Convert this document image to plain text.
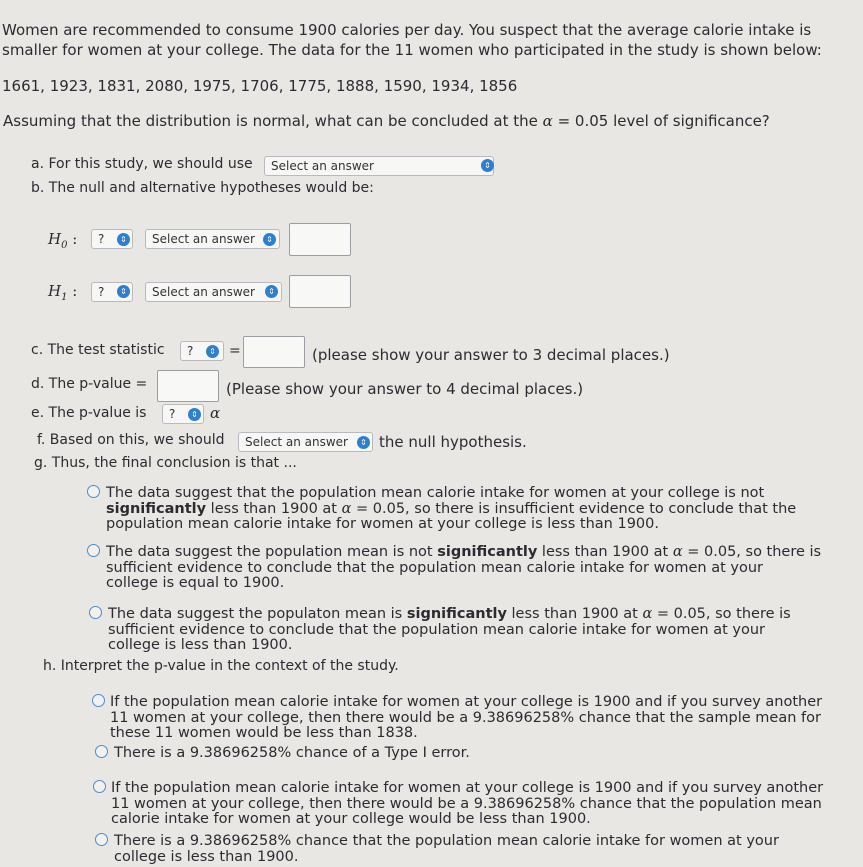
Women are recommended to consume 1900 calories per day. You suspect that the average calorie intake is
smaller for women at your college. The data for the 11 women who participated in the study is shown below:
1661, 1923, 1831, 2080, 1975, 1706, 1775, 1888, 1590, 1934, 1856
Assuming that the distribution is normal, what can be concluded at the α = 0.05 level of significance?
a. For this study, we should use	Select an answer	⇕
b. The null and alternative hypotheses would be:
$H_0$ :	?	⇕	Select an answer	⇕
$H_1$ :	?	⇕	Select an answer	⇕
c. The test statistic	?	⇕ =	(please show your answer to 3 decimal places.)
d. The p-value =	(Please show your answer to 4 decimal places.)
e. The p-value is	?	⇕ α
f. Based on this, we should	Select an answer	⇕ the null hypothesis.
g. Thus, the final conclusion is that ...
The data suggest that the population mean calorie intake for women at your college is not
significantly less than 1900 at α = 0.05, so there is insufficient evidence to conclude that the
population mean calorie intake for women at your college is less than 1900.
The data suggest the population mean is not significantly less than 1900 at α = 0.05, so there is
sufficient evidence to conclude that the population mean calorie intake for women at your
college is equal to 1900.
The data suggest the populaton mean is significantly less than 1900 at α = 0.05, so there is
sufficient evidence to conclude that the population mean calorie intake for women at your
college is less than 1900.
h. Interpret the p-value in the context of the study.
If the population mean calorie intake for women at your college is 1900 and if you survey another
11 women at your college, then there would be a 9.38696258% chance that the sample mean for
these 11 women would be less than 1838.
There is a 9.38696258% chance of a Type I error.
If the population mean calorie intake for women at your college is 1900 and if you survey another
11 women at your college, then there would be a 9.38696258% chance that the population mean
calorie intake for women at your college would be less than 1900.
There is a 9.38696258% chance that the population mean calorie intake for women at your
college is less than 1900.
